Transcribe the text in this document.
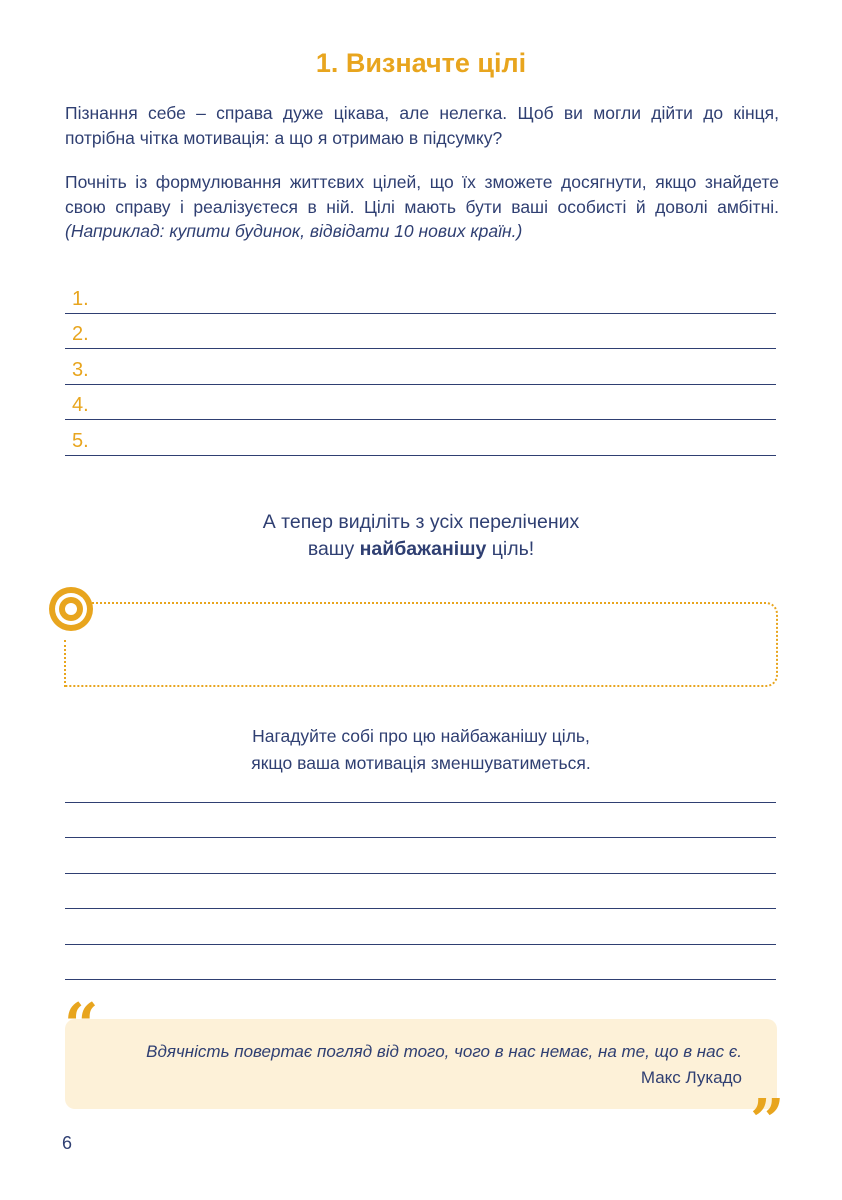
1. Визначте цілі

Пізнання себе – справа дуже цікава, але нелегка. Щоб ви могли дійти до кінця, потрібна чітка мотивація: а що я отримаю в підсумку?

Почніть із формулювання життєвих цілей, що їх зможете досягнути, якщо знайдете свою справу і реалізуєтеся в ній. Цілі мають бути ваші особисті й доволі амбітні. (Наприклад: купити будинок, відвідати 10 нових країн.)

1.
2.
3.
4.
5.
А тепер виділіть з усіх перелічених
вашу найбажанішу ціль!
Нагадуйте собі про цю найбажанішу ціль,
якщо ваша мотивація зменшуватиметься.
Вдячність повертає погляд від того, чого в нас немає, на те, що в нас є.
Макс Лукадо
“
”
6
